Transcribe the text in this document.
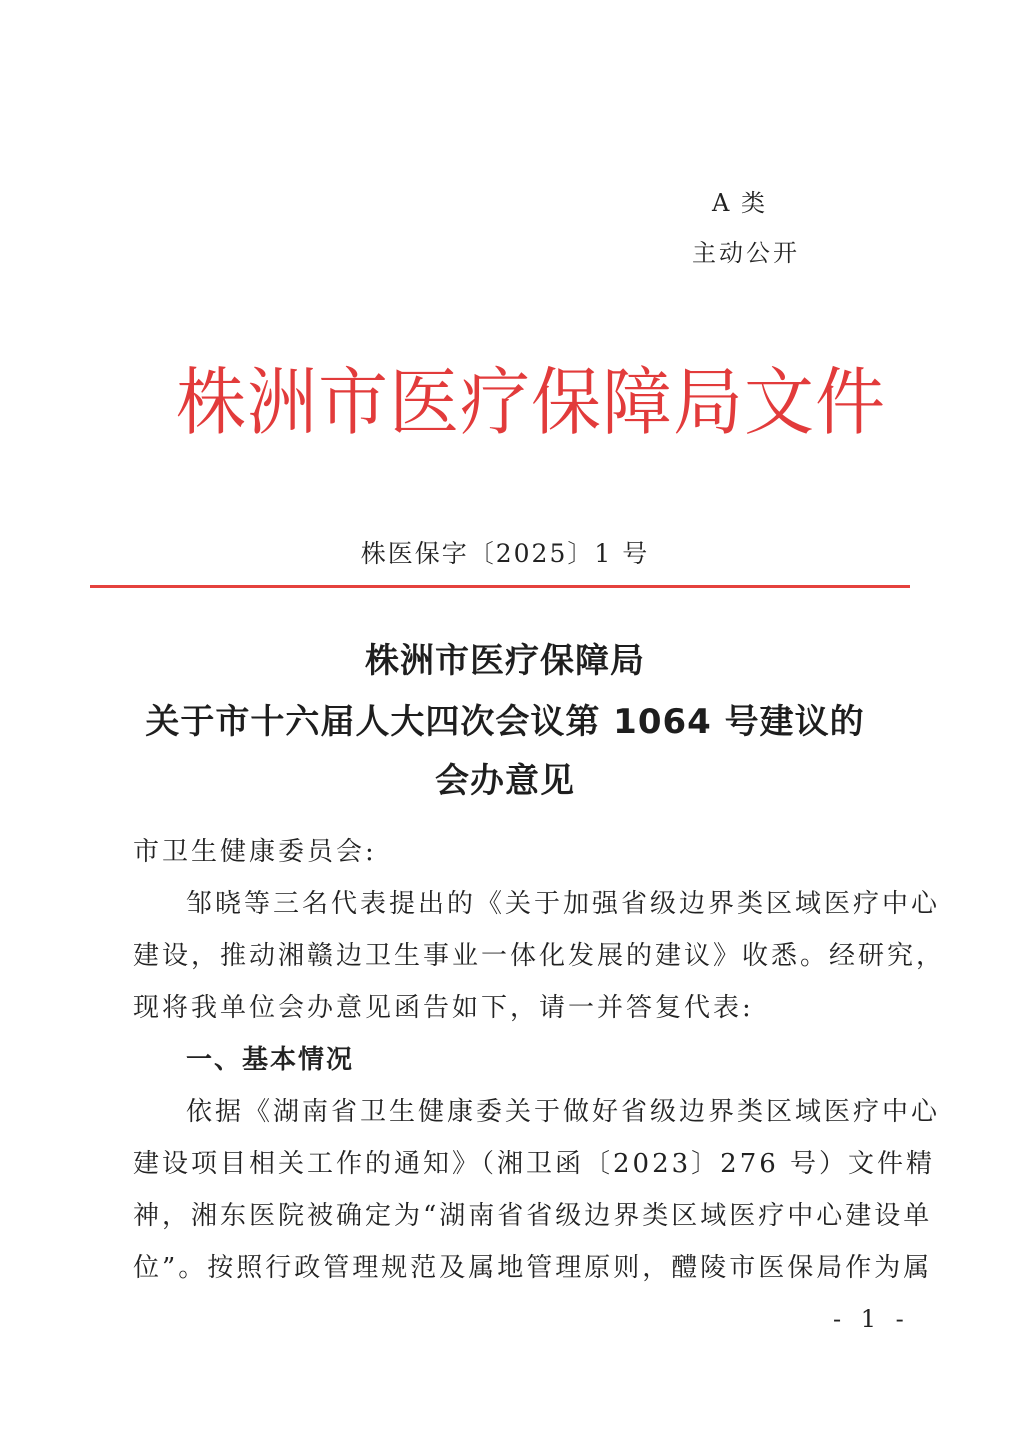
A 类
主动公开
株洲市医疗保障局文件
株医保字〔2025〕1 号
株洲市医疗保障局
关于市十六届人大四次会议第 1064 号建议的
会办意见
市卫生健康委员会:
邹晓等三名代表提出的《关于加强省级边界类区域医疗中心
建设，推动湘赣边卫生事业一体化发展的建议》收悉。经研究，
现将我单位会办意见函告如下，请一并答复代表:
一、基本情况
依据《湖南省卫生健康委关于做好省级边界类区域医疗中心
建设项目相关工作的通知》（湘卫函〔2023〕276 号）文件精
神，湘东医院被确定为“湖南省省级边界类区域医疗中心建设单
位”。按照行政管理规范及属地管理原则，醴陵市医保局作为属
- 1 -
